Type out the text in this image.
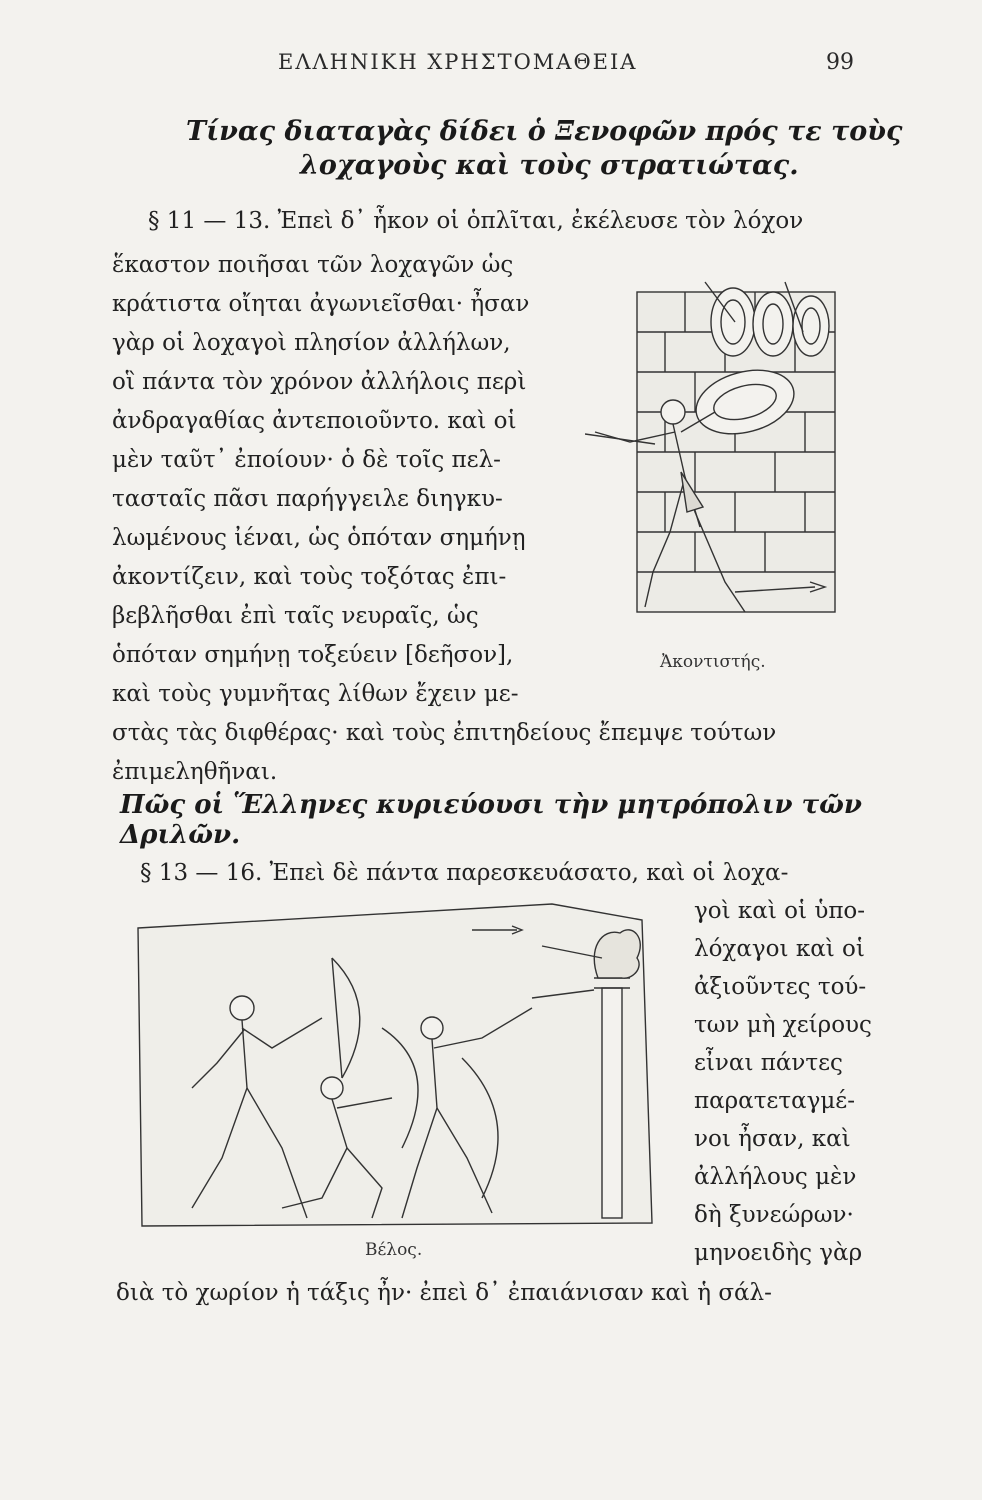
ΕΛΛΗΝΙΚΗ ΧΡΗΣΤΟΜΑΘΕΙΑ	99
Τίνας διαταγὰς δίδει ὁ Ξενοφῶν πρός τε τοὺς
λοχαγοὺς καὶ τοὺς στρατιώτας.
§ 11 — 13. Ἐπεὶ δ᾽ ἧκον οἱ ὁπλῖται, ἐκέλευσε τὸν λόχον
ἕκαστον ποιῆσαι τῶν λοχαγῶν ὡς
κράτιστα οἴηται ἀγωνιεῖσθαι· ἦσαν
γὰρ οἱ λοχαγοὶ πλησίον ἀλλήλων,
οἳ πάντα τὸν χρόνον ἀλλήλοις περὶ
ἀνδραγαθίας ἀντεποιοῦντο. καὶ οἱ
μὲν ταῦτ᾽ ἐποίουν· ὁ δὲ τοῖς πελ-
τασταῖς πᾶσι παρήγγειλε διηγκυ-
λωμένους ἰέναι, ὡς ὁπόταν σημήνῃ
ἀκοντίζειν, καὶ τοὺς τοξότας ἐπι-
βεβλῆσθαι ἐπὶ ταῖς νευραῖς, ὡς
ὁπόταν σημήνῃ τοξεύειν [δεῆσον],
καὶ τοὺς γυμνῆτας λίθων ἔχειν με-
στὰς τὰς διφθέρας· καὶ τοὺς ἐπιτηδείους ἔπεμψε τούτων
ἐπιμεληθῆναι.
Ἀκοντιστής.
Πῶς οἱ Ἕλληνες κυριεύουσι τὴν μητρόπολιν τῶν Δριλῶν.
§ 13 — 16. Ἐπεὶ δὲ πάντα παρεσκευάσατο, καὶ οἱ λοχα-
γοὶ καὶ οἱ ὑπο-
λόχαγοι καὶ οἱ
ἀξιοῦντες τού-
των μὴ χείρους
εἶναι πάντες
παρατεταγμέ-
νοι ἦσαν, καὶ
ἀλλήλους μὲν
δὴ ξυνεώρων·
μηνοειδὴς γὰρ
διὰ τὸ χωρίον ἡ τάξις ἦν· ἐπεὶ δ᾽ ἐπαιάνισαν καὶ ἡ σάλ-
Βέλος.
